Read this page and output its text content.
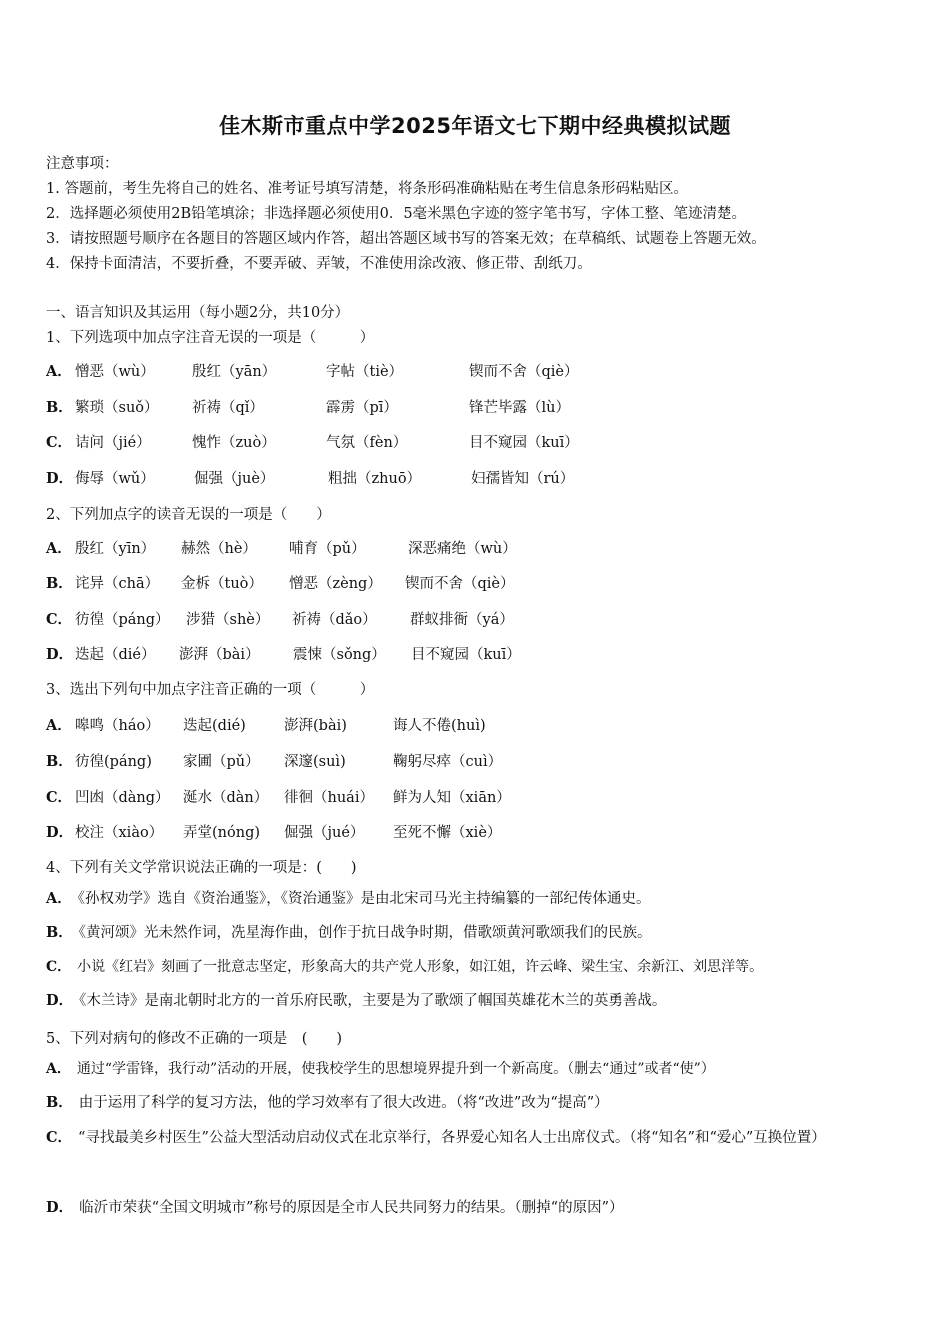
佳木斯市重点中学2025年语文七下期中经典模拟试题
注意事项：
1. 答题前，考生先将自己的姓名、准考证号填写清楚，将条形码准确粘贴在考生信息条形码粘贴区。
2．选择题必须使用2B铅笔填涂；非选择题必须使用0．5毫米黑色字迹的签字笔书写，字体工整、笔迹清楚。
3．请按照题号顺序在各题目的答题区域内作答，超出答题区域书写的答案无效；在草稿纸、试题卷上答题无效。
4．保持卡面清洁，不要折叠，不要弄破、弄皱，不准使用涂改液、修正带、刮纸刀。
一、语言知识及其运用（每小题2分，共10分）
1、下列选项中加点字注音无误的一项是（　　　）
A． 憎恶（wù）	殷红（yān）	字帖（tiè）	锲而不舍（qiè）
B． 繁琐（suǒ） 祈祷（qǐ）	霹雳（pī）	锋芒毕露（lù）
C． 诘问（jié）	愧怍（zuò）	气氛（fèn）	目不窥园（kuī）
D． 侮辱（wǔ）	倔强（juè）	粗拙（zhuō）	妇孺皆知（rú）
2、下列加点字的读音无误的一项是（　　）
A． 殷红（yīn） 赫然（hè） 哺育（pǔ）	深恶痛绝（wù）
B． 诧异（chā） 金柝（tuò） 憎恶（zèng） 锲而不舍（qiè）
C． 彷徨（páng） 涉猎（shè） 祈祷（dǎo） 群蚁排衙（yá）
D． 迭起（dié） 澎湃（bài） 震悚（sǒng） 目不窥园（kuī）
3、选出下列句中加点字注音正确的一项（　　　）
A． 嗥鸣（háo） 迭起(dié)	澎湃(bài)	诲人不倦(huì)
B． 彷徨(páng) 家圃（pǔ） 深邃(suì)	鞠躬尽瘁（cuì）
C． 凹凼（dàng） 涎水（dàn） 徘徊（huái） 鲜为人知（xiān）
D． 校注（xiào） 弄堂(nóng) 倔强（jué） 至死不懈（xiè）
4、下列有关文学常识说法正确的一项是：(　　)
A． 《孙权劝学》选自《资治通鉴》，《资治通鉴》是由北宋司马光主持编纂的一部纪传体通史。
B． 《黄河颂》光未然作词，冼星海作曲，创作于抗日战争时期，借歌颂黄河歌颂我们的民族。
C． 小说《红岩》刻画了一批意志坚定，形象高大的共产党人形象，如江姐，许云峰、梁生宝、余新江、刘思洋等。
D． 《木兰诗》是南北朝时北方的一首乐府民歌，主要是为了歌颂了帼国英雄花木兰的英勇善战。
5、下列对病句的修改不正确的一项是　(　　)
A． 通过“学雷锋，我行动”活动的开展，使我校学生的思想境界提升到一个新高度。（删去“通过”或者“使”）
B． 由于运用了科学的复习方法，他的学习效率有了很大改进。（将“改进”改为“提高”）
C． “寻找最美乡村医生”公益大型活动启动仪式在北京举行，各界爱心知名人士出席仪式。（将“知名”和“爱心”互换位置）
D． 临沂市荣获“全国文明城市”称号的原因是全市人民共同努力的结果。（删掉“的原因”）
